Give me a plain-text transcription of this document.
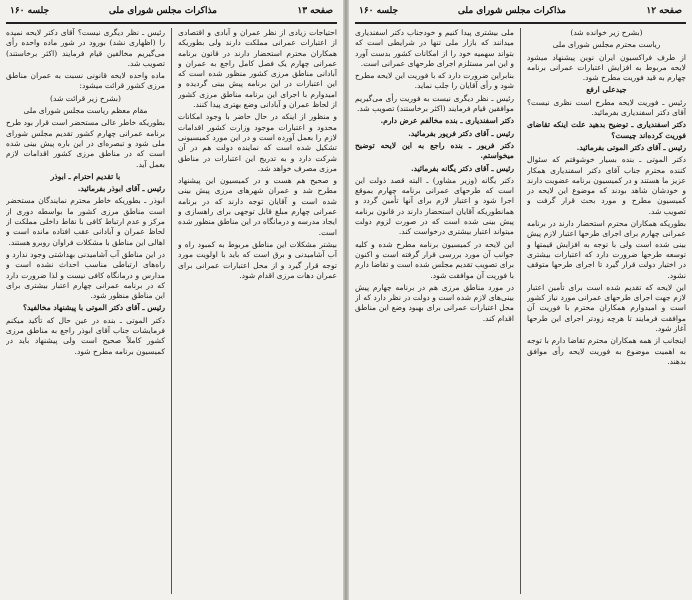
صفحه ۱۳
مذاکرات مجلس شورای ملی
جلسه ۱۶۰

احتیاجات زیادی از نظر عمران و آبادی و اقتصادی از اعتبارات عمرانی مملکت دارند ولی بطوریکه همکاران محترم استحضار دارند در قانون برنامه عمرانی چهارم یک فصل کامل راجع به عمران و آبادانی مناطق مرزی کشور منظور شده است که این اعتبارات در این برنامه پیش بینی گردیده و امیدوارم با اجرای این برنامه مناطق مرزی کشور از لحاظ عمران و آبادانی وضع بهتری پیدا کنند.

و منظور از اینکه در حال حاضر با وجود امکانات محدود و اعتبارات موجود وزارت کشور اقدامات لازم را بعمل آورده است و در این مورد کمیسیونی تشکیل شده است که نماینده دولت هم در آن شرکت دارد و به تدریج این اعتبارات در مناطق مرزی مصرف خواهد شد.

و صحیح هم هست و در کمیسیون این پیشنهاد مطرح شد و عمران شهرهای مرزی پیش بینی شده است و آقایان توجه دارند که در برنامه عمرانی چهارم مبلغ قابل توجهی برای راهسازی و ایجاد مدرسه و درمانگاه در این مناطق منظور شده است.

بیشتر مشکلات این مناطق مربوط به کمبود راه و آب آشامیدنی و برق است که باید با اولویت مورد توجه قرار گیرد و از محل اعتبارات عمرانی برای عمران دهات مرزی اقدام شود.

رئیس ـ نظر دیگری نیست؟ آقای دکتر لایحه نمیده را (اظهاری نشد) بورود در شور ماده واحده رأی می‌گیریم مخالفین قیام فرمایند (اکثر برخاستند) تصویب شد.

ماده واحده لایحه قانونی نسبت به عمران مناطق مرزی کشور قرائت میشود:

(بشرح زیر قرائت شد)

مقام معظم ریاست مجلس شورای ملی

بطوریکه خاطر عالی مستحضر است قرار بود طرح برنامه عمرانی چهارم کشور تقدیم مجلس شورای ملی شود و تبصره‌ای در این باره پیش بینی شده است که در مناطق مرزی کشور اقدامات لازم بعمل آید.

با تقدیم احترام ـ ابوذر

رئیس ـ آقای ابوذر بفرمائید.

ابوذر ـ بطوریکه خاطر محترم نمایندگان مستحضر است مناطق مرزی کشور ما بواسطه دوری از مرکز و عدم ارتباط کافی با نقاط داخلی مملکت از لحاظ عمران و آبادانی عقب افتاده مانده است و اهالی این مناطق با مشکلات فراوان روبرو هستند.

در این مناطق آب آشامیدنی بهداشتی وجود ندارد و راه‌های ارتباطی مناسب احداث نشده است و مدارس و درمانگاه کافی نیست و لذا ضرورت دارد که در برنامه عمرانی چهارم اعتبار بیشتری برای این مناطق منظور شود.

رئیس ـ آقای دکتر الموتی با پیشنهاد مخالفید؟

دکتر الموتی ـ بنده در عین حال که تأکید میکنم فرمایشات جناب آقای ابوذر راجع به مناطق مرزی کشور کاملاً صحیح است ولی پیشنهاد باید در کمیسیون برنامه مطرح شود.

صفحه ۱۲
مذاکرات مجلس شورای ملی
جلسه ۱۶۰

(بشرح زیر خوانده شد)

ریاست محترم مجلس شورای ملی

از طرف فراکسیون ایران نوین پیشنهاد میشود لایحه مربوط به افزایش اعتبارات عمرانی برنامه چهارم به قید فوریت مطرح شود.

جیدعلی ارفع

رئیس ـ فوریت لایحه مطرح است نظری نیست؟ آقای دکتر اسفندیاری بفرمائید.

دکتر اسفندیاری ـ توضیح بدهید علت اینکه تقاضای فوریت کرده‌اند چیست؟

رئیس ـ آقای دکتر الموتی بفرمائید.

دکتر الموتی ـ بنده بسیار خوشوقتم که سئوال کننده محترم جناب آقای دکتر اسفندیاری همکار عزیز ما هستند و در کمیسیون برنامه عضویت دارند و خودشان شاهد بودند که موضوع این لایحه در کمیسیون مطرح و مورد بحث قرار گرفت و تصویب شد.

بطوریکه همکاران محترم استحضار دارند در برنامه عمرانی چهارم برای اجرای طرحها اعتبار لازم پیش بینی شده است ولی با توجه به افزایش قیمتها و توسعه طرحها ضرورت دارد که اعتبارات بیشتری در اختیار دولت قرار گیرد تا اجرای طرحها متوقف نشود.

این لایحه که تقدیم شده است برای تأمین اعتبار لازم جهت اجرای طرحهای عمرانی مورد نیاز کشور است و امیدوارم همکاران محترم با فوریت آن موافقت فرمایند تا هرچه زودتر اجرای این طرحها آغاز شود.

اینجانب از همه همکاران محترم تقاضا دارم با توجه به اهمیت موضوع به فوریت لایحه رأی موافق بدهند.

ملی بیشتری پیدا کنیم و خودجناب دکتر اسفندیاری میدانند که بازار ملی تنها در شرایطی است که بتواند سهمیه خود را از امکانات کشور بدست آورد و این امر مستلزم اجرای طرحهای عمرانی است.

بنابراین ضرورت دارد که با فوریت این لایحه مطرح شود و رأی آقایان را جلب نماید.

رئیس ـ نظر دیگری نیست به فوریت رأی می‌گیریم موافقین قیام فرمایند (اکثر برخاستند) تصویب شد.

دکتر اسفندیاری ـ بنده مخالفم عرض دارم.

رئیس ـ آقای دکتر فریور بفرمائید.

دکتر فریور ـ بنده راجع به این لایحه توضیح میخواستم.

رئیس ـ آقای دکتر یگانه بفرمائید.

دکتر یگانه (وزیر مشاور) ـ البته قصد دولت این است که طرحهای عمرانی برنامه چهارم بموقع اجرا شود و اعتبار لازم برای آنها تأمین گردد و همانطوریکه آقایان استحضار دارند در قانون برنامه پیش بینی شده است که در صورت لزوم دولت میتواند اعتبار بیشتری درخواست کند.

این لایحه در کمیسیون برنامه مطرح شده و کلیه جوانب آن مورد بررسی قرار گرفته است و اکنون برای تصویب تقدیم مجلس شده است و تقاضا دارم با فوریت آن موافقت شود.

در مورد مناطق مرزی هم در برنامه چهارم پیش بینی‌های لازم شده است و دولت در نظر دارد که از محل اعتبارات عمرانی برای بهبود وضع این مناطق اقدام کند.
